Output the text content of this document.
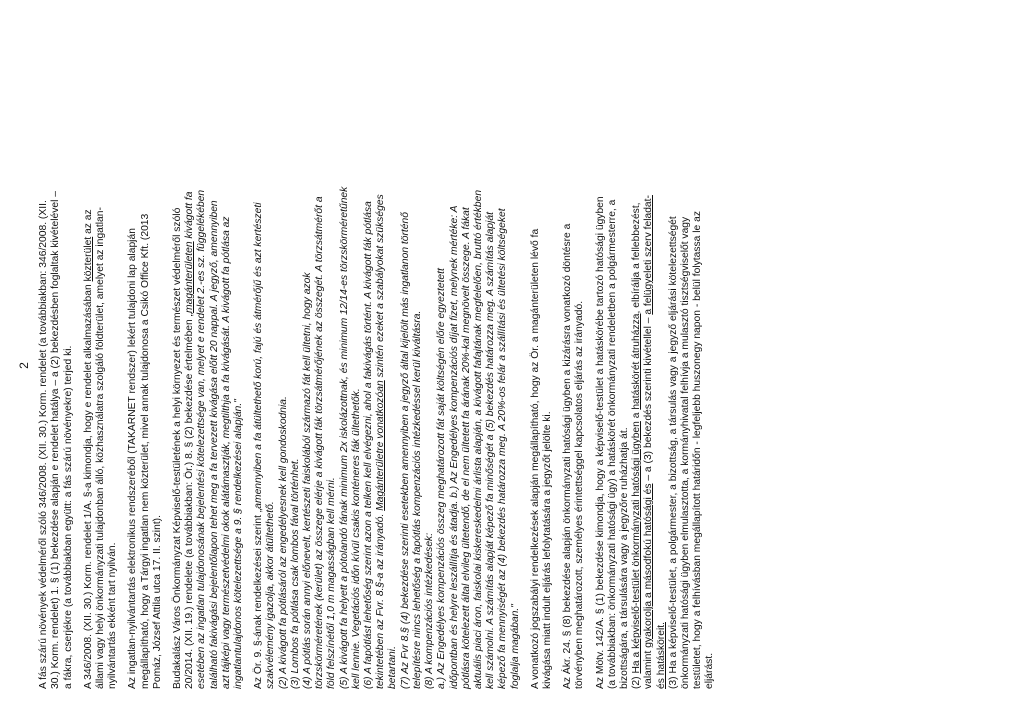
2 A fás szárú növények védelméről szóló 346/2008. (XII. 30.) Korm. rendelet (a továbbiakban: 346/2008. (XII. 30.) Korm. rendelet) 1. § (1) bekezdése alapján e rendelet hatálya – a (2) bekezdésben foglaltak kivételével – a fákra, cserjékre (a továbbiakban együtt: a fás szárú növényekre) terjed ki. A 346/2008. (XII. 30.) Korm. rendelet 1/A. §-a kimondja, hogy e rendelet alkalmazásában közterület az az állami vagy helyi önkormányzati tulajdonban álló, közhasználatra szolgáló földterület, amelyet az ingatlan- nyilvántartás ekként tart nyilván. Az ingatlan-nyilvántartás elektronikus rendszeréből (TAKARNET rendszer) lekért tulajdoni lap alapján megállapítható, hogy a Tárgyi ingatlan nem közterület, mivel annak tulajdonosa a Csikó Office Kft. (2013 Pomáz, József Attila utca 17. II. szint). Budakalász Város Önkormányzat Képviselő-testületének a helyi környezet és természet védelméről szóló 20/2014. (XII. 19.) rendelete (a továbbiakban: Ör.) 8. § (2) bekezdése értelmében „magánterületen kivágott fa esetében az ingatlan tulajdonosának bejelentési kötelezettsége van, melyet e rendelet 2.-es sz. függelékében található fakivágási bejelentőlapon tehet meg a fa tervezett kivágása előtt 20 nappal. A jegyző, amennyiben azt tájképi vagy természetvédelmi okok alátámasztják, megtilthja a fa kivágását. A kivágott fa pótlása az ingatlantulajdonos kötelezettsége a 9. § rendelkezései alapján." Az Ör. 9. §-ának rendelkezései szerint „amennyiben a fa átültethető korú, fajú és átmérőjű és azt kertészeti
szakvélemény igazolja, akkor átültethető. (2) A kivágott fa pótlásáról az engedélyesnek kell gondoskodnia. (3) Lombos fa pótlása csak lombos fával történhet. (4) A pótlás során annyi előnevelt, kertészeti faiskolából származó fát kell ültetni, hogy azok törzskörméretének (kerület) az összege elérje a kivágott fák törzsátmérőjének az összegét. A törzsátmérőt a föld felszínétől 1,0 m magasságban kell mérni. (5) A kivágott fa helyett a pótolandó fának minimum 2x iskolázottnak, és minimum 12/14-es törzskörméretűnek kell lennie. Vegetációs időn kívül csakis konténeres fák ültethetők. (6) A fapótlást lehetőség szerint azon a telken kell elvégezni, ahol a fakivágás történt. A kivágott fák pótlása tekintetében az Fvr. 8.§-a az irányadó. Magánterületre vonatkozóan szintén ezeket a szabályokat szükséges
betartani. (7) Az Fvr 8.§ (4) bekezdése szerinti esetekben amennyiben a jegyző által kijelölt más ingatlanon történő telepítésre nincs lehetőség a fapótlás kompenzációs intézkedéssel kerül kiváltásra. (8) A kompenzációs intézkedések: a.) Az Engedélyes kompenzációs összeg meghatározott fát saját költségén előre egyeztetett időpontban és helyre leszállítja és átadja. b.) Az Engedélyes kompenzációs díjat fizet, melynek mértéke: A pótlásra kötelezett által elvileg ültetendő, de el nem ültetett fa árának 20%-kal megnövelt összege. A fákat aktuális piaci áron, faiskolai kiskereskedelmi árlista alapján, a kivágott fafajtának megfelelően, bruttó értékben kell számolni. A számítás alapját képező fa minőségét a (5) bekezdés határozza meg. A számítás alapját képező fa mennyiségét az (4) bekezdés határozza meg. A 20%-os felár a szállítási és ültetési költségeket foglalja magában." A vonatkozó jogszabályi rendelkezések alapján megállapítható, hogy az Ör. a magánterületen lévő fa kivágása miatt indult eljárás lefolytatására a jegyzőt jelölte ki. Az Ákr. 24. § (8) bekezdése alapján önkormányzati hatósági ügyben a kizárásra vonatkozó döntésre a törvényben meghatározott, személyes érintettséggel kapcsolatos eljárás az irányadó. Az Mötv. 142/A. § (1) bekezdése kimondja, hogy a képviselő-testület a hatáskörébe tartozó hatósági ügyben (a továbbiakban: önkormányzati hatósági ügy) a hatáskörét önkormányzati rendeletben a polgármesterre, a bizottságára, a társulására vagy a jegyzőre ruházhatja át. (2) Ha a képviselő-testület önkormányzati hatósági ügyben a hatáskörét átruházza, elbírálja a fellebbezést,
valamint gyakorolja a másodfokú hatósági és – a (3) bekezdés szerinti kivétellel – a felügyeleti szerv feladat-
és hatásköreit. (3) Ha a képviselő-testület, a polgármester, a bizottság, a társulás vagy a jegyző eljárási kötelezettségét önkormányzati hatósági ügyben elmulasztotta, a kormányhivatal felhívja a mulasztó tisztségviselőt vagy testületet, hogy a felhívásban megállapított határidőn - legfeljebb huszonegy napon - belül folytassa le az eljárást.
